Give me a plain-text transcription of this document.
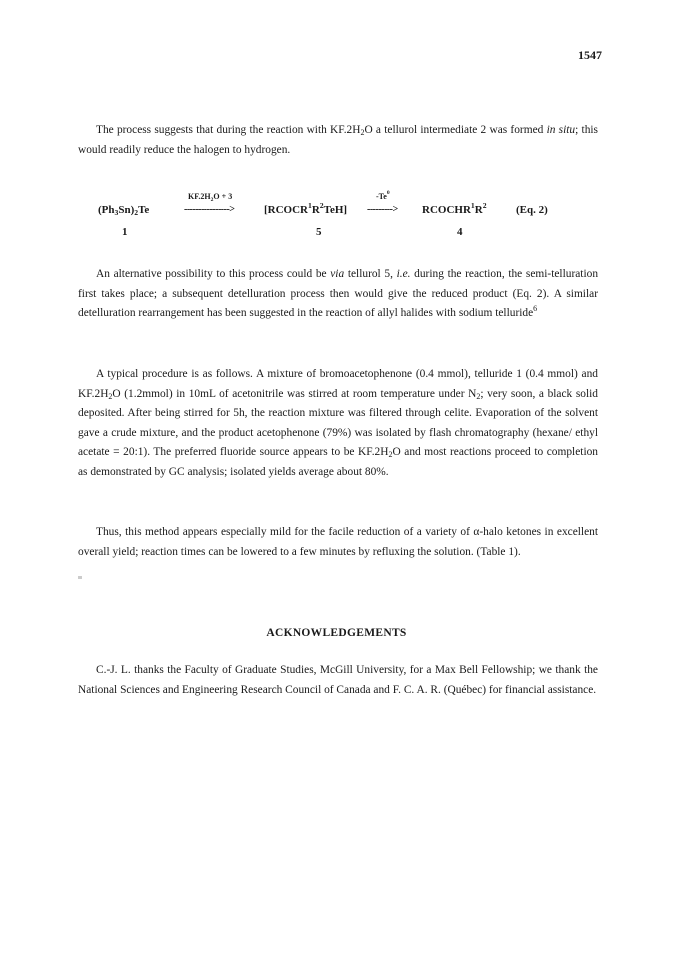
1547

The process suggests that during the reaction with $KF.2H_2O$ a tellurol intermediate 2 was formed in situ; this would readily reduce the halogen to hydrogen.

$(Ph_3Sn)_2Te$
1
$KF.2H_2O + 3$
---------------->	$[RCOCR^1R^2TeH]$
5
-Te$^0$
---------> $RCOCHR^1R^2$
4
(Eq. 2)

An alternative possibility to this process could be via tellurol 5, i.e. during the reaction, the semi-telluration first takes place; a subsequent detelluration process then would give the reduced product (Eq. 2). A similar detelluration rearrangement has been suggested in the reaction of allyl halides with sodium telluride$^6$

A typical procedure is as follows. A mixture of bromoacetophenone (0.4 mmol), telluride 1 (0.4 mmol) and $KF.2H_2O$ (1.2mmol) in 10mL of acetonitrile was stirred at room temperature under $N_2$; very soon, a black solid deposited. After being stirred for 5h, the reaction mixture was filtered through celite. Evaporation of the solvent gave a crude mixture, and the product acetophenone (79%) was isolated by flash chromatography (hexane/ ethyl acetate = 20:1). The preferred fluoride source appears to be $KF.2H_2O$ and most reactions proceed to completion as demonstrated by GC analysis; isolated yields average about 80%.

Thus, this method appears especially mild for the facile reduction of a variety of α-halo ketones in excellent overall yield; reaction times can be lowered to a few minutes by refluxing the solution. (Table 1).

ACKNOWLEDGEMENTS

C.-J. L. thanks the Faculty of Graduate Studies, McGill University, for a Max Bell Fellowship; we thank the National Sciences and Engineering Research Council of Canada and F. C. A. R. (Québec) for financial assistance.
